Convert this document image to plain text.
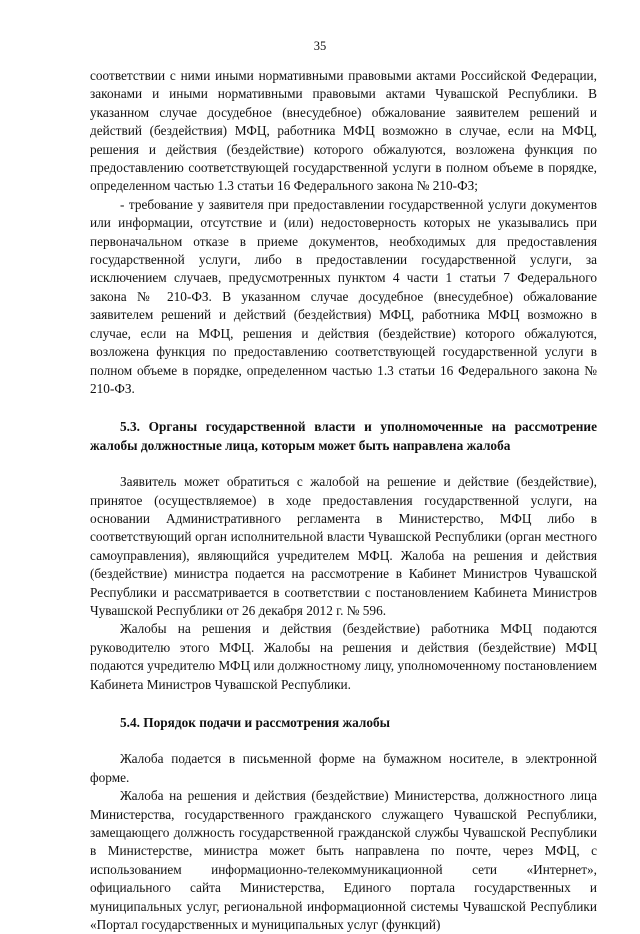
35

соответствии с ними иными нормативными правовыми актами Российской Федерации, законами и иными нормативными правовыми актами Чувашской Республики. В указанном случае досудебное (внесудебное) обжалование заявителем решений и действий (бездействия) МФЦ, работника МФЦ возможно в случае, если на МФЦ, решения и действия (бездействие) которого обжалуются, возложена функция по предоставлению соответствующей государственной услуги в полном объеме в порядке, определенном частью 1.3 статьи 16 Федерального закона № 210-ФЗ;

- требование у заявителя при предоставлении государственной услуги документов или информации, отсутствие и (или) недостоверность которых не указывались при первоначальном отказе в приеме документов, необходимых для предоставления государственной услуги, либо в предоставлении государственной услуги, за исключением случаев, предусмотренных пунктом 4 части 1 статьи 7 Федерального закона № 210-ФЗ. В указанном случае досудебное (внесудебное) обжалование заявителем решений и действий (бездействия) МФЦ, работника МФЦ возможно в случае, если на МФЦ, решения и действия (бездействие) которого обжалуются, возложена функция по предоставлению соответствующей государственной услуги в полном объеме в порядке, определенном частью 1.3 статьи 16 Федерального закона № 210-ФЗ.

5.3. Органы государственной власти и уполномоченные на рассмотрение жалобы должностные лица, которым может быть направлена жалоба

Заявитель может обратиться с жалобой на решение и действие (бездействие), принятое (осуществляемое) в ходе предоставления государственной услуги, на основании Административного регламента в Министерство, МФЦ либо в соответствующий орган исполнительной власти Чувашской Республики (орган местного самоуправления), являющийся учредителем МФЦ. Жалоба на решения и действия (бездействие) министра подается на рассмотрение в Кабинет Министров Чувашской Республики и рассматривается в соответствии с постановлением Кабинета Министров Чувашской Республики от 26 декабря 2012 г. № 596.

Жалобы на решения и действия (бездействие) работника МФЦ подаются руководителю этого МФЦ. Жалобы на решения и действия (бездействие) МФЦ подаются учредителю МФЦ или должностному лицу, уполномоченному постановлением Кабинета Министров Чувашской Республики.

5.4. Порядок подачи и рассмотрения жалобы

Жалоба подается в письменной форме на бумажном носителе, в электронной форме.

Жалоба на решения и действия (бездействие) Министерства, должностного лица Министерства, государственного гражданского служащего Чувашской Республики, замещающего должность государственной гражданской службы Чувашской Республики в Министерстве, министра может быть направлена по почте, через МФЦ, с использованием информационно-телекоммуникационной сети «Интернет», официального сайта Министерства, Единого портала государственных и муниципальных услуг, региональной информационной системы Чувашской Республики «Портал государственных и муниципальных услуг (функций)
